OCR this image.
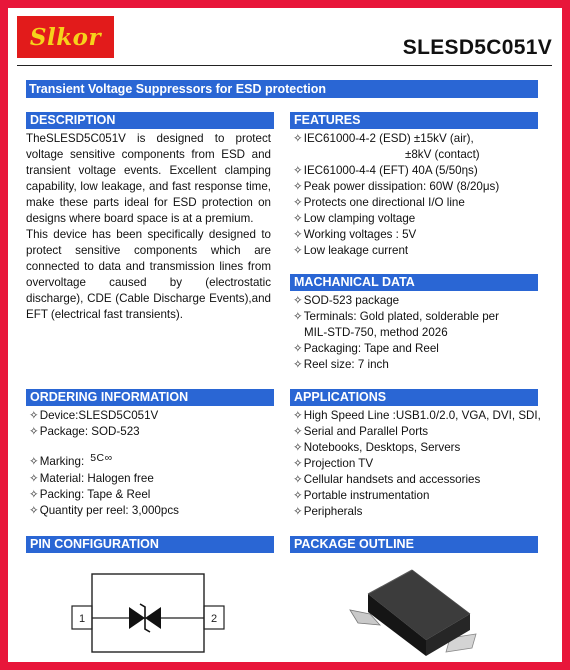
Slkor	SLESD5C051V
Transient Voltage Suppressors for ESD protection
DESCRIPTION

TheSLESD5C051V is designed to protect voltage sensitive components from ESD and transient voltage events. Excellent clamping capability, low leakage, and fast response time, make these parts ideal for ESD protection on designs where board space is at a premium.

This device has been specifically designed to protect sensitive components which are connected to data and transmission lines from overvoltage caused by (electrostatic discharge), CDE (Cable Discharge Events),and EFT (electrical fast transients).

FEATURES
✧IEC61000-4-2 (ESD) ±15kV (air),
±8kV (contact)
✧IEC61000-4-4 (EFT) 40A (5/50ηs)
✧Peak power dissipation: 60W (8/20μs)
✧Protects one directional I/O line
✧Low clamping voltage
✧Working voltages : 5V
✧Low leakage current
MACHANICAL DATA
✧SOD-523 package
✧Terminals: Gold plated, solderable per
MIL-STD-750, method 2026
✧Packaging: Tape and Reel
✧Reel size: 7 inch
ORDERING INFORMATION
✧Device:SLESD5C051V
✧Package: SOD-523
✧Marking: 5C∞
✧Material: Halogen free
✧Packing: Tape & Reel
✧Quantity per reel: 3,000pcs
APPLICATIONS
✧High Speed Line :USB1.0/2.0, VGA, DVI, SDI,
✧Serial and Parallel Ports
✧Notebooks, Desktops, Servers
✧Projection TV
✧Cellular handsets and accessories
✧Portable instrumentation
✧Peripherals
PIN CONFIGURATION
1	2
PACKAGE OUTLINE
